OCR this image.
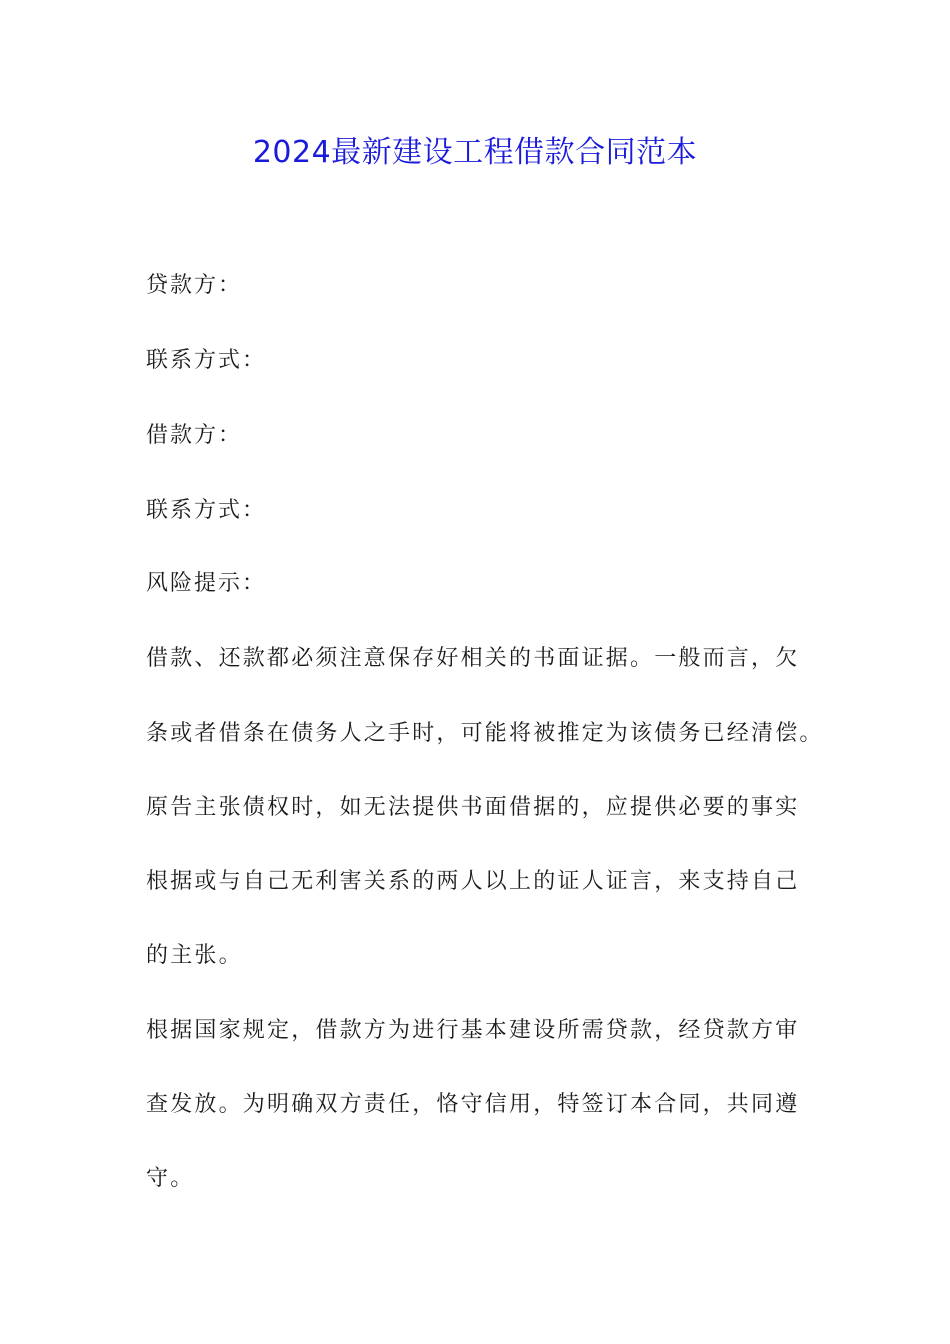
2024最新建设工程借款合同范本
贷款方：
联系方式：
借款方：
联系方式：
风险提示：
借款、还款都必须注意保存好相关的书面证据。一般而言，欠
条或者借条在债务人之手时，可能将被推定为该债务已经清偿。
原告主张债权时，如无法提供书面借据的，应提供必要的事实
根据或与自己无利害关系的两人以上的证人证言，来支持自己
的主张。
根据国家规定，借款方为进行基本建设所需贷款，经贷款方审
查发放。为明确双方责任，恪守信用，特签订本合同，共同遵
守。
